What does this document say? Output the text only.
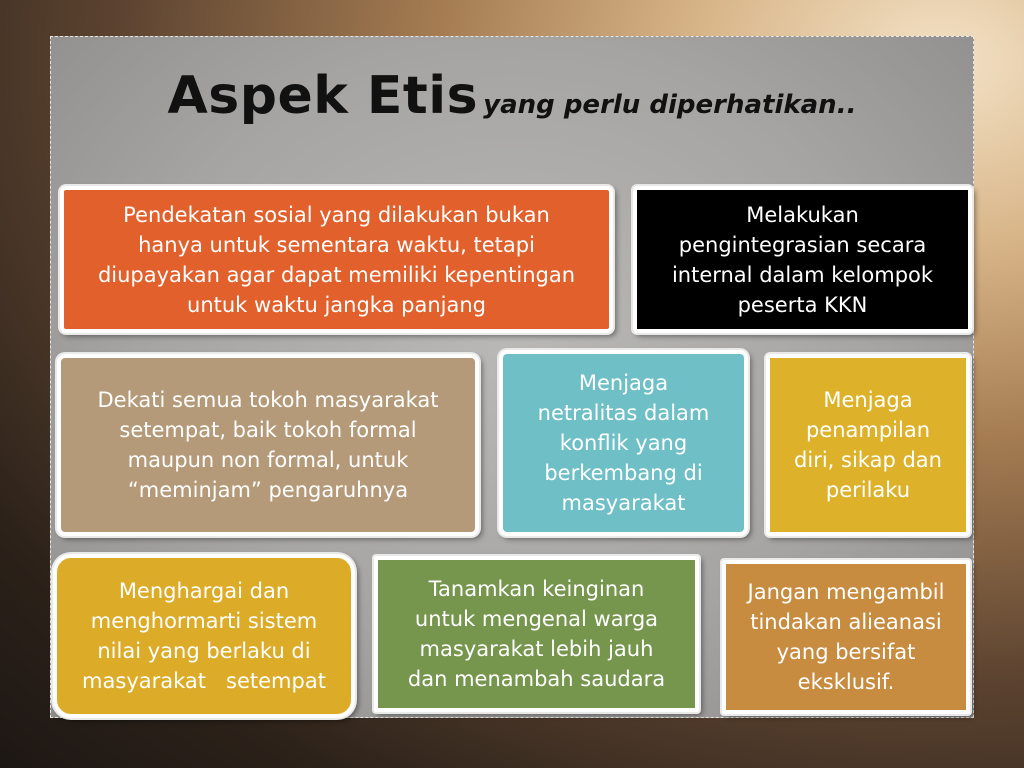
Aspek Etis yang perlu diperhatikan..
Pendekatan sosial yang dilakukan bukan
hanya untuk sementara waktu, tetapi
diupayakan agar dapat memiliki kepentingan
untuk waktu jangka panjang
Melakukan
pengintegrasian secara
internal dalam kelompok
peserta KKN
Dekati semua tokoh masyarakat
setempat, baik tokoh formal
maupun non formal, untuk
“meminjam” pengaruhnya
Menjaga
netralitas dalam
konflik yang
berkembang di
masyarakat
Menjaga
penampilan
diri, sikap dan
perilaku
Menghargai dan
menghormarti sistem
nilai yang berlaku di
masyarakat   setempat
Tanamkan keinginan
untuk mengenal warga
masyarakat lebih jauh
dan menambah saudara
Jangan mengambil
tindakan alieanasi
yang bersifat
eksklusif.
